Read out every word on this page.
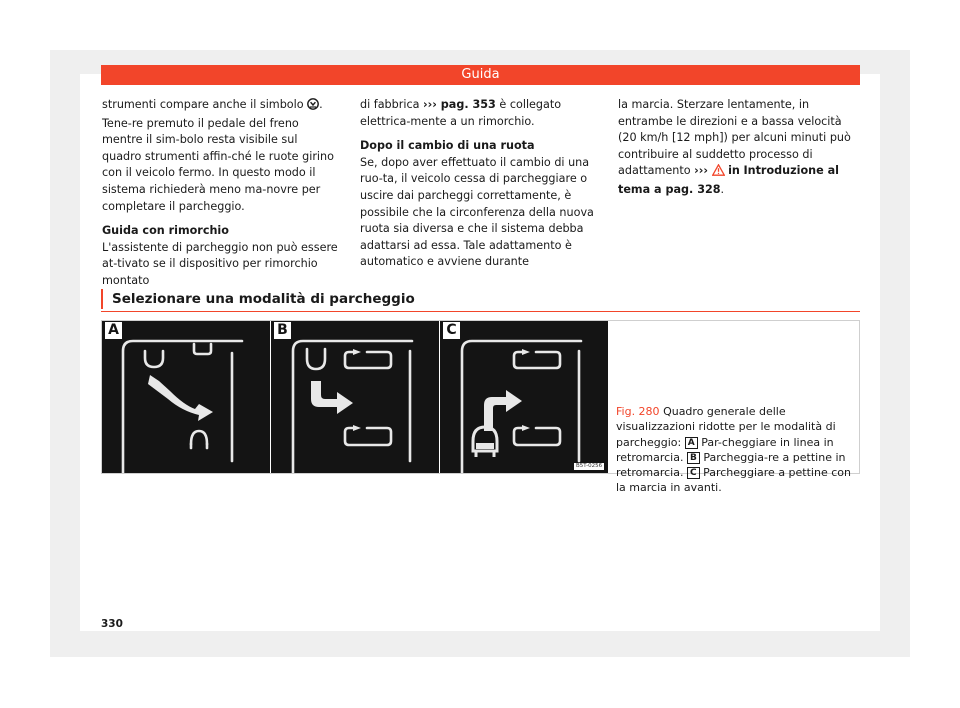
Guida

strumenti compare anche il simbolo . Tene-re premuto il pedale del freno mentre il sim-bolo resta visibile sul quadro strumenti affin-ché le ruote girino con il veicolo fermo. In questo modo il sistema richiederà meno ma-novre per completare il parcheggio.

Guida con rimorchio

L'assistente di parcheggio non può essere at-tivato se il dispositivo per rimorchio montato

di fabbrica ››› pag. 353 è collegato elettrica-mente a un rimorchio.

Dopo il cambio di una ruota

Se, dopo aver effettuato il cambio di una ruo-ta, il veicolo cessa di parcheggiare o uscire dai parcheggi correttamente, è possibile che la circonferenza della nuova ruota sia diversa e che il sistema debba adattarsi ad essa. Tale adattamento è automatico e avviene durante

la marcia. Sterzare lentamente, in entrambe le direzioni e a bassa velocità (20 km/h [12 mph]) per alcuni minuti può contribuire al suddetto processo di adattamento ››› in Introduzione al tema a pag. 328.

Selezionare una modalità di parcheggio
A	B	C
B5T-0256
Fig. 280 Quadro generale delle visualizzazioni ridotte per le modalità di parcheggio: A Par-cheggiare in linea in retromarcia. B Parcheggia-re a pettine in retromarcia. C Parcheggiare a pettine con la marcia in avanti.
330
